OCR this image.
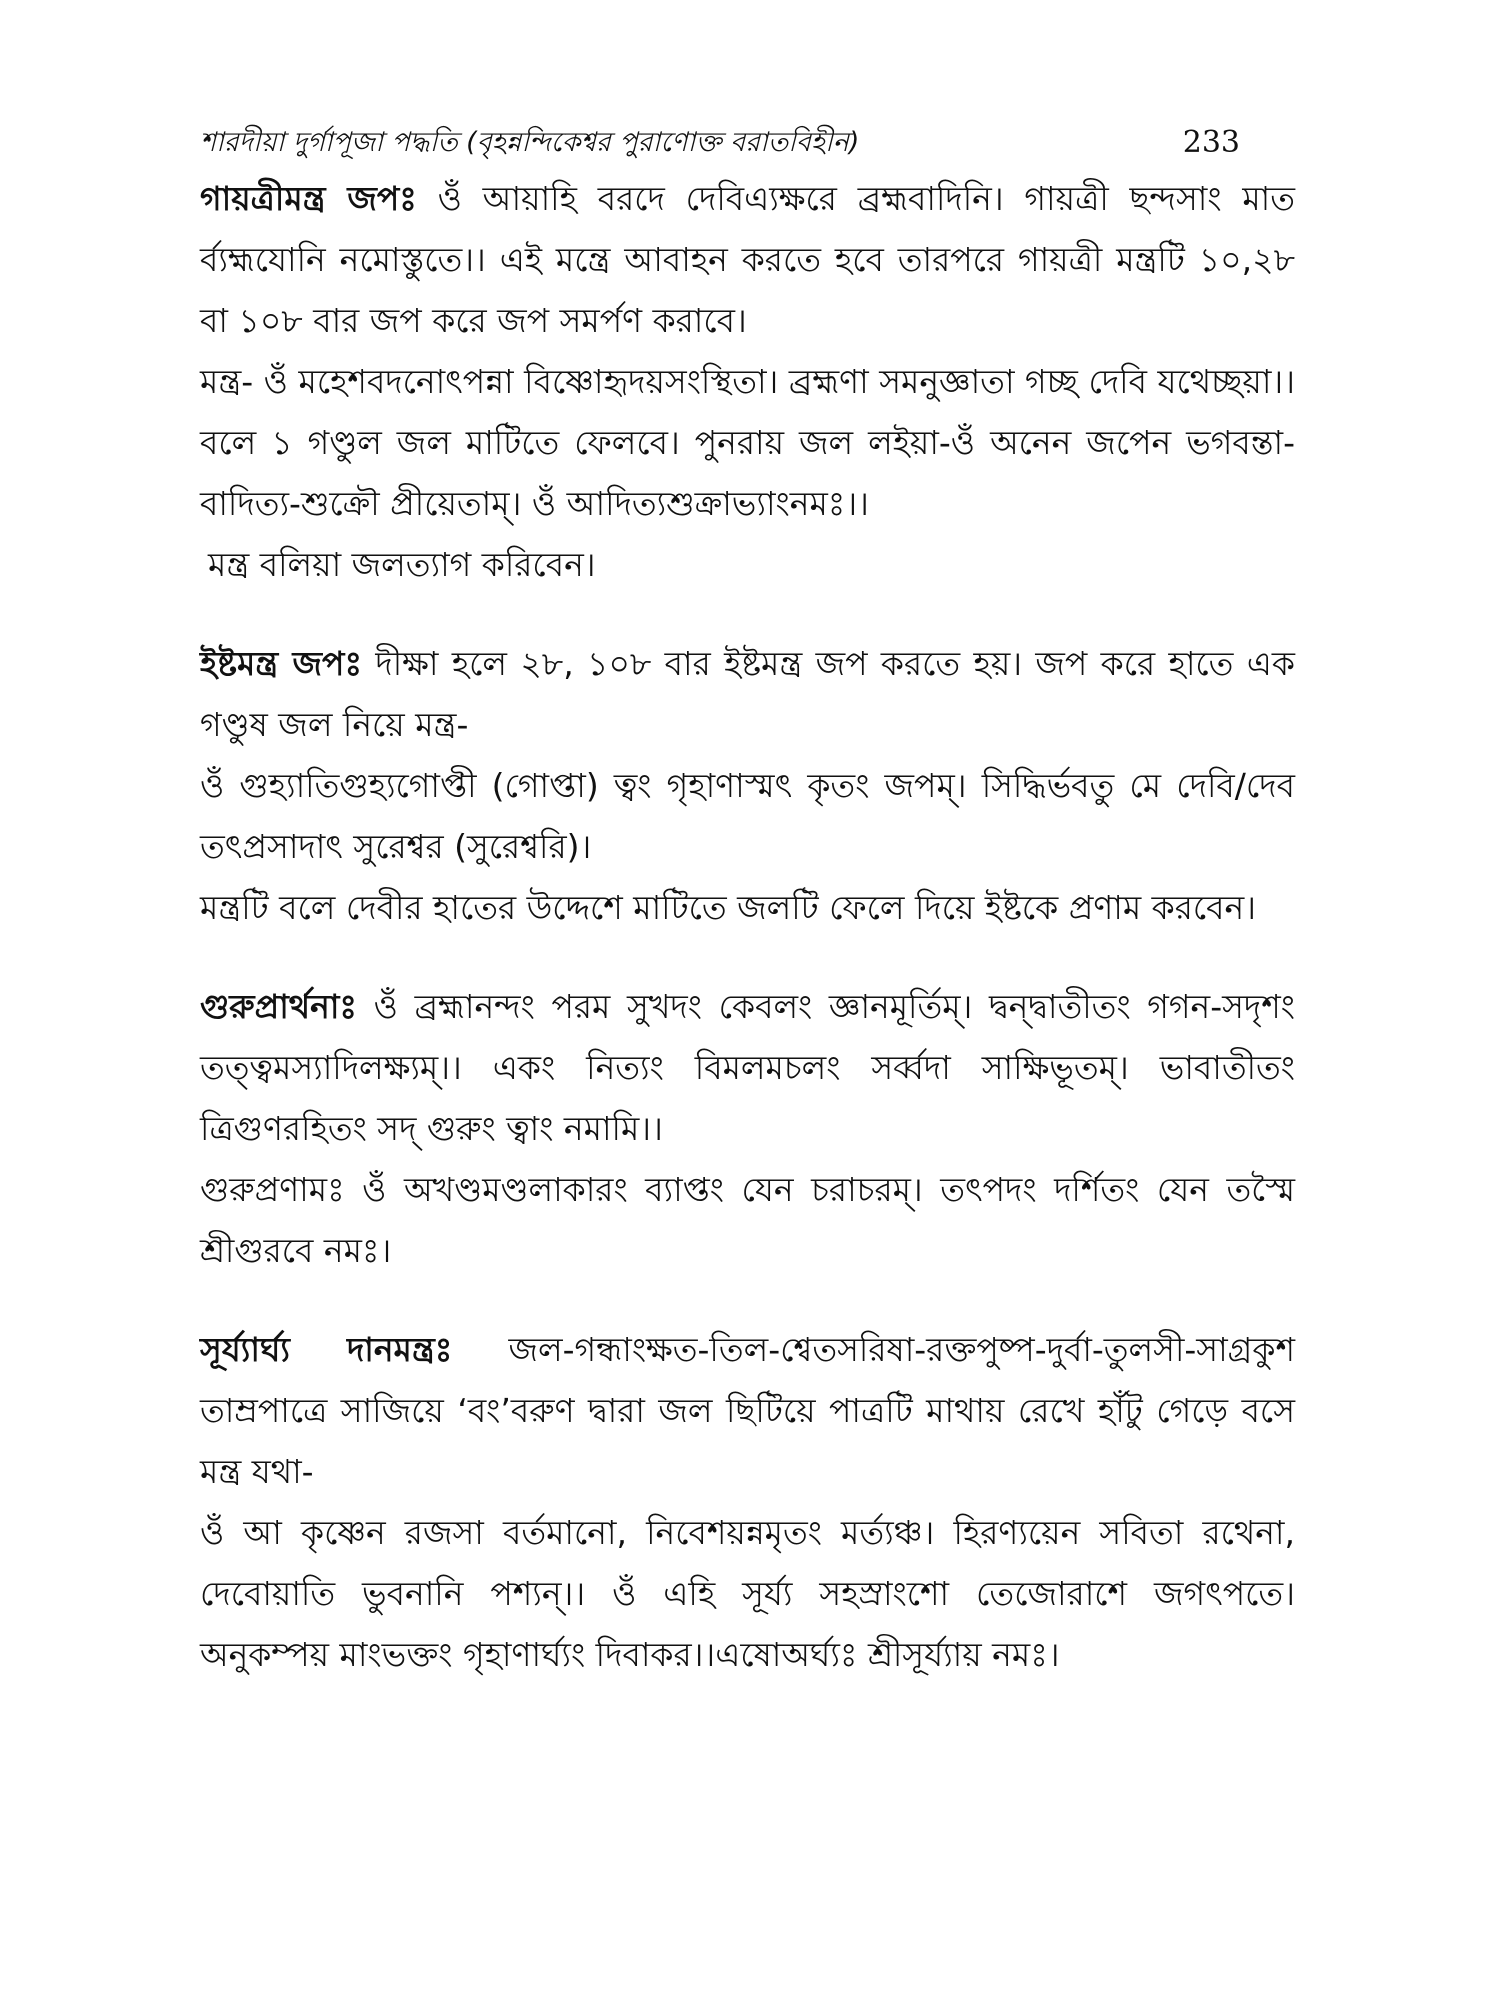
শারদীয়া দুর্গাপূজা পদ্ধতি (বৃহন্নন্দিকেশ্বর পুরাণোক্ত বরাতবিহীন)	233

গায়ত্রীমন্ত্র জপঃ ওঁ আয়াহি বরদে দেবিএ্যক্ষরে ব্রহ্মবাদিনি। গায়ত্রী ছন্দসাং মাত র্ব্যহ্মযোনি নমোস্তুতে।। এই মন্ত্রে আবাহন করতে হবে তারপরে গায়ত্রী মন্ত্রটি ১০,২৮ বা ১০৮ বার জপ করে জপ সমর্পণ করাবে।

মন্ত্র- ওঁ মহেশবদনোৎপন্না বিষ্ণোহৃদয়সংস্থিতা। ব্রহ্মণা সমনুজ্ঞাতা গচ্ছ দেবি যথেচ্ছয়া।। বলে ১ গণ্ডুল জল মাটিতে ফেলবে। পুনরায় জল লইয়া-ওঁ অনেন জপেন ভগবন্তা-বাদিত্য-শুক্রৌ প্রীয়েতাম্। ওঁ আদিত্যশুক্রাভ্যাংনমঃ।।

মন্ত্র বলিয়া জলত্যাগ করিবেন।

ইষ্টমন্ত্র জপঃ দীক্ষা হলে ২৮, ১০৮ বার ইষ্টমন্ত্র জপ করতে হয়। জপ করে হাতে এক গণ্ডুষ জল নিয়ে মন্ত্র-

ওঁ গুহ্যাতিগুহ্যগোপ্তী (গোপ্তা) ত্বং গৃহাণাস্মৎ কৃতং জপম্। সিদ্ধির্ভবতু মে দেবি/দেব তৎপ্রসাদাৎ সুরেশ্বর (সুরেশ্বরি)।

মন্ত্রটি বলে দেবীর হাতের উদ্দেশে মাটিতে জলটি ফেলে দিয়ে ইষ্টকে প্রণাম করবেন।

গুরুপ্রার্থনাঃ ওঁ ব্রহ্মানন্দং পরম সুখদং কেবলং জ্ঞানমূর্তিম্। দ্বন্দ্বাতীতং গগন-সদৃশং তত্ত্বমস্যাদিলক্ষ্যম্।। একং নিত্যং বিমলমচলং সর্ব্বদা সাক্ষিভূতম্। ভাবাতীতং ত্রিগুণরহিতং সদ্ গুরুং ত্বাং নমামি।।

গুরুপ্রণামঃ ওঁ অখণ্ডমণ্ডলাকারং ব্যাপ্তং যেন চরাচরম্। তৎপদং দর্শিতং যেন তস্মৈ শ্রীগুরবে নমঃ।

সূর্য্যার্ঘ্য দানমন্ত্রঃ জল-গন্ধাংক্ষত-তিল-শ্বেতসরিষা-রক্তপুষ্প-দুর্বা-তুলসী-সাগ্রকুশ তাম্রপাত্রে সাজিয়ে ‘বং’বরুণ দ্বারা জল ছিটিয়ে পাত্রটি মাথায় রেখে হাঁটু গেড়ে বসে মন্ত্র যথা-

ওঁ আ কৃষ্ণেন রজসা বর্তমানো, নিবেশয়ন্নমৃতং মর্ত্যঞ্চ। হিরণ্যয়েন সবিতা রথেনা, দেবোয়াতি ভুবনানি পশ্যন্।। ওঁ এহি সূর্য্য সহস্রাংশো তেজোরাশে জগৎপতে। অনুকম্পয় মাংভক্তং গৃহাণার্ঘ্যং দিবাকর।।এষোঅর্ঘ্যঃ শ্রীসূর্য্যায় নমঃ।
